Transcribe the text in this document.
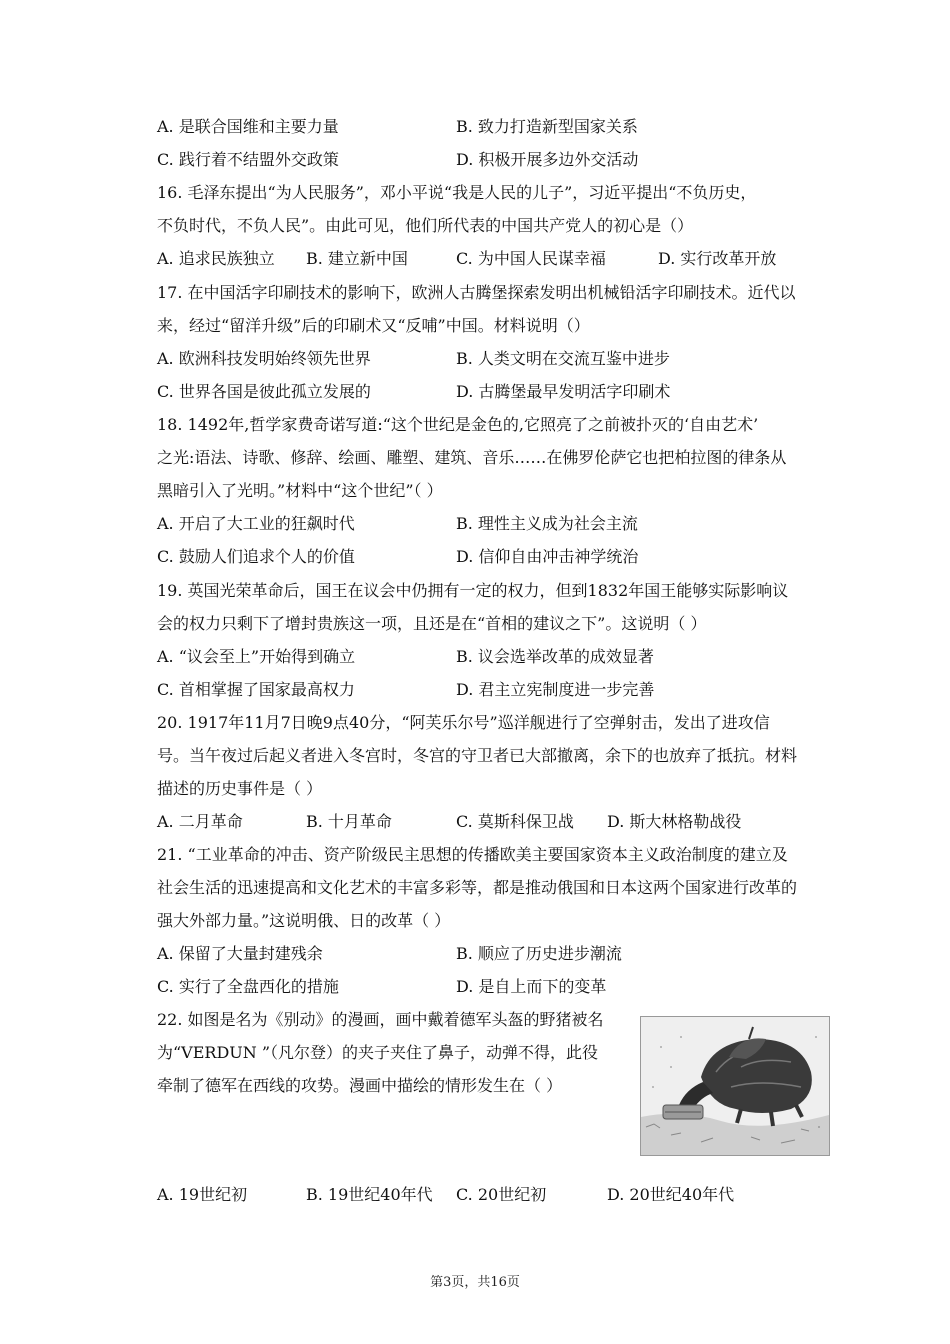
A. 是联合国维和主要力量	B. 致力打造新型国家关系
C. 践行着不结盟外交政策	D. 积极开展多边外交活动
16. 毛泽东提出“为人民服务”，邓小平说“我是人民的儿子”，习近平提出“不负历史，
不负时代，不负人民”。由此可见，他们所代表的中国共产党人的初心是（）
A. 追求民族独立 B. 建立新中国	C. 为中国人民谋幸福	D. 实行改革开放
17. 在中国活字印刷技术的影响下，欧洲人古腾堡探索发明出机械铅活字印刷技术。近代以
来，经过“留洋升级”后的印刷术又“反哺”中国。材料说明（）
A. 欧洲科技发明始终领先世界	B. 人类文明在交流互鉴中进步
C. 世界各国是彼此孤立发展的	D. 古腾堡最早发明活字印刷术
18. 1492年,哲学家费奇诺写道:“这个世纪是金色的,它照亮了之前被扑灭的‘自由艺术’
之光:语法、诗歌、修辞、绘画、雕塑、建筑、音乐……在佛罗伦萨它也把柏拉图的律条从
黑暗引入了光明。”材料中“这个世纪”（ ）
A. 开启了大工业的狂飙时代	B. 理性主义成为社会主流
C. 鼓励人们追求个人的价值	D. 信仰自由冲击神学统治
19. 英国光荣革命后，国王在议会中仍拥有一定的权力，但到1832年国王能够实际影响议
会的权力只剩下了增封贵族这一项，且还是在“首相的建议之下”。这说明（ ）
A. “议会至上”开始得到确立	B. 议会选举改革的成效显著
C. 首相掌握了国家最高权力	D. 君主立宪制度进一步完善
20. 1917年11月7日晚9点40分，“阿芙乐尔号”巡洋舰进行了空弹射击，发出了进攻信
号。当午夜过后起义者进入冬宫时，冬宫的守卫者已大部撤离，余下的也放弃了抵抗。材料
描述的历史事件是（ ）
A. 二月革命	B. 十月革命	C. 莫斯科保卫战 D. 斯大林格勒战役
21. “工业革命的冲击、资产阶级民主思想的传播欧美主要国家资本主义政治制度的建立及
社会生活的迅速提高和文化艺术的丰富多彩等，都是推动俄国和日本这两个国家进行改革的
强大外部力量。”这说明俄、日的改革（ ）
A. 保留了大量封建残余	B. 顺应了历史进步潮流
C. 实行了全盘西化的措施	D. 是自上而下的变革
22. 如图是名为《别动》的漫画，画中戴着德军头盔的野猪被名
为“VERDUN ”（凡尔登）的夹子夹住了鼻子，动弹不得，此役
牵制了德军在西线的攻势。漫画中描绘的情形发生在（ ）
A. 19世纪初	B. 19世纪40年代 C. 20世纪初	D. 20世纪40年代
第3页，共16页
